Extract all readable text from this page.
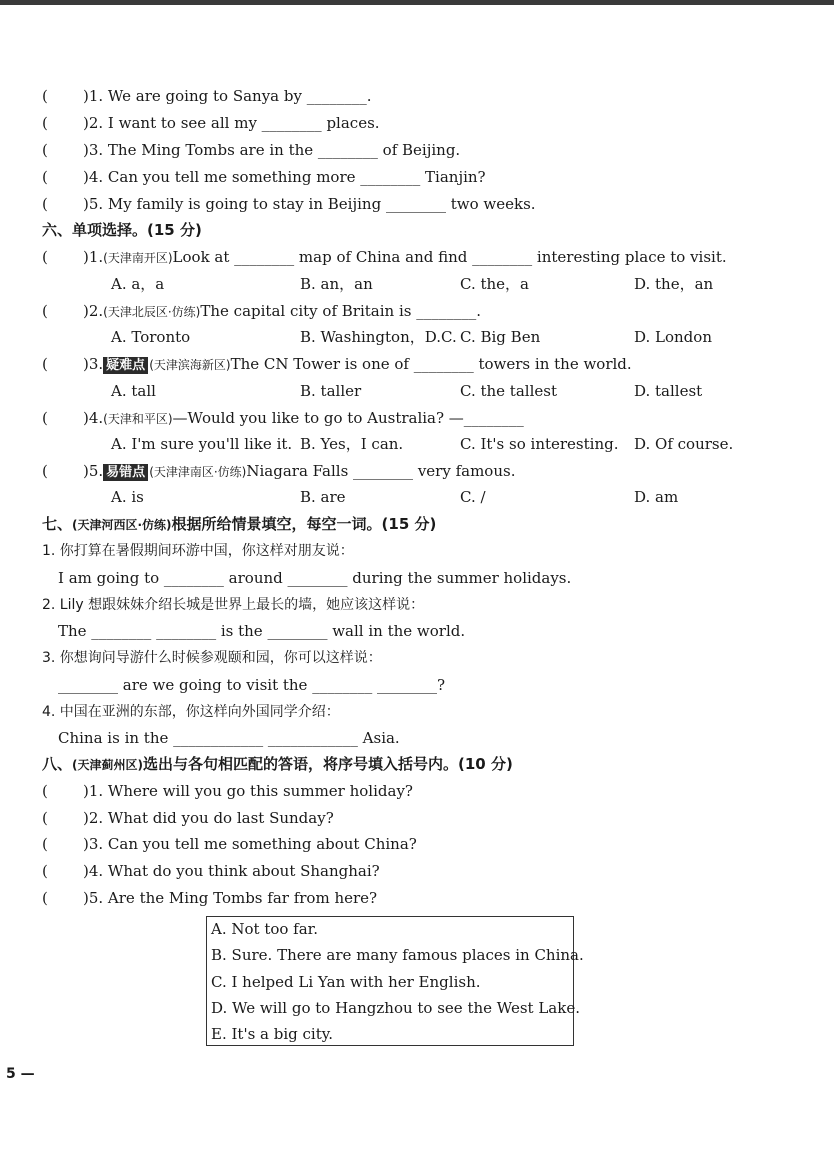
( )1. We are going to Sanya by ________.
( )2. I want to see all my ________ places.
( )3. The Ming Tombs are in the ________ of Beijing.
( )4. Can you tell me something more ________ Tianjin?
( )5. My family is going to stay in Beijing ________ two weeks.
六、单项选择。(15 分)
( )1.(天津南开区)Look at ________ map of China and find ________ interesting place to visit.
A. a，a	B. an，an	C. the，a	D. the，an
( )2.(天津北辰区·仿练)The capital city of Britain is ________.
A. Toronto	B. Washington，D.C. C. Big Ben	D. London
( )3. 疑难点 (天津滨海新区)The CN Tower is one of ________ towers in the world.
A. tall	B. taller	C. the tallest	D. tallest
( )4.(天津和平区)—Would you like to go to Australia? —________
A. I'm sure you'll like it. B. Yes，I can.	C. It's so interesting. D. Of course.
( )5. 易错点 (天津津南区·仿练)Niagara Falls ________ very famous.
A. is	B. are	C. /	D. am
七、(天津河西区·仿练)根据所给情景填空，每空一词。(15 分)
1. 你打算在暑假期间环游中国，你这样对朋友说：
I am going to ________ around ________ during the summer holidays.
2. Lily 想跟妹妹介绍长城是世界上最长的墙，她应该这样说：
The ________ ________ is the ________ wall in the world.
3. 你想询问导游什么时候参观颐和园，你可以这样说：
________ are we going to visit the ________ ________?
4. 中国在亚洲的东部，你这样向外国同学介绍：
China is in the ____________ ____________ Asia.
八、(天津蓟州区)选出与各句相匹配的答语，将序号填入括号内。(10 分)
( )1. Where will you go this summer holiday?
( )2. What did you do last Sunday?
( )3. Can you tell me something about China?
( )4. What do you think about Shanghai?
( )5. Are the Ming Tombs far from here?
A. Not too far.
B. Sure. There are many famous places in China.
C. I helped Li Yan with her English.
D. We will go to Hangzhou to see the West Lake.
E. It's a big city.
5 —
